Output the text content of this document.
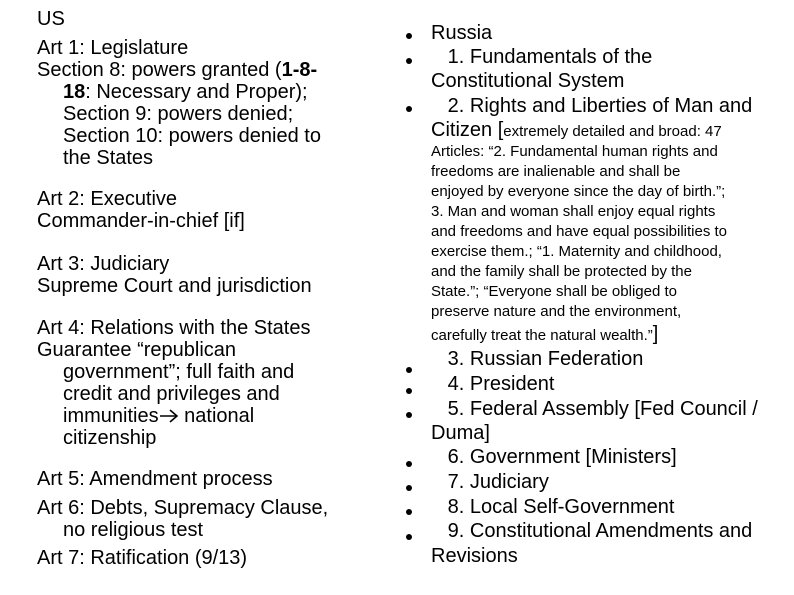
US
Art 1: Legislature
Section 8: powers granted (1-8-
18: Necessary and Proper);
Section 9: powers denied;
Section 10: powers denied to
the States
Art 2: Executive
Commander-in-chief [if]
Art 3: Judiciary
Supreme Court and jurisdiction
Art 4: Relations with the States
Guarantee “republican
government”; full faith and
credit and privileges and
immunities national
citizenship
Art 5: Amendment process
Art 6: Debts, Supremacy Clause,
no religious test
Art 7: Ratification (9/13)
Russia
1. Fundamentals of the
Constitutional System
2. Rights and Liberties of Man and
Citizen [extremely detailed and broad: 47
Articles: “2. Fundamental human rights and
freedoms are inalienable and shall be
enjoyed by everyone since the day of birth.”;
3. Man and woman shall enjoy equal rights
and freedoms and have equal possibilities to
exercise them.; “1. Maternity and childhood,
and the family shall be protected by the
State.”; “Everyone shall be obliged to
preserve nature and the environment,
carefully treat the natural wealth.”]
3. Russian Federation
4. President
5. Federal Assembly [Fed Council /
Duma]
6. Government [Ministers]
7. Judiciary
8. Local Self-Government
9. Constitutional Amendments and
Revisions
